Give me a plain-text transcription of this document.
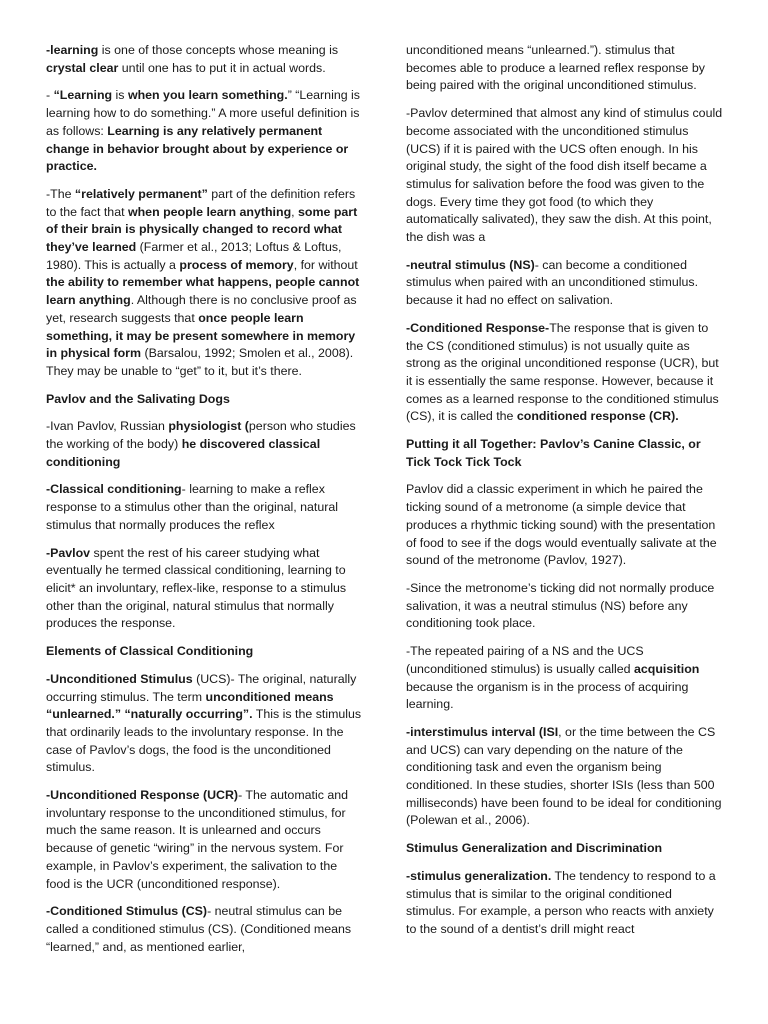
-learning is one of those concepts whose meaning is crystal clear until one has to put it in actual words.

- “Learning is when you learn something.” “Learning is learning how to do something.” A more useful definition is as follows: Learning is any relatively permanent change in behavior brought about by experience or practice.

-The “relatively permanent” part of the definition refers to the fact that when people learn anything, some part of their brain is physically changed to record what they’ve learned (Farmer et al., 2013; Loftus & Loftus, 1980). This is actually a process of memory, for without the ability to remember what happens, people cannot learn anything. Although there is no conclusive proof as yet, research suggests that once people learn something, it may be present somewhere in memory in physical form (Barsalou, 1992; Smolen et al., 2008). They may be unable to “get” to it, but it’s there.

Pavlov and the Salivating Dogs

-Ivan Pavlov, Russian physiologist (person who studies the working of the body) he discovered classical conditioning

-Classical conditioning- learning to make a reflex response to a stimulus other than the original, natural stimulus that normally produces the reflex

-Pavlov spent the rest of his career studying what eventually he termed classical conditioning, learning to elicit* an involuntary, reflex-like, response to a stimulus other than the original, natural stimulus that normally produces the response.

Elements of Classical Conditioning

-Unconditioned Stimulus (UCS)- The original, naturally occurring stimulus. The term unconditioned means “unlearned.” “naturally occurring”. This is the stimulus that ordinarily leads to the involuntary response. In the case of Pavlov’s dogs, the food is the unconditioned stimulus.

-Unconditioned Response (UCR)- The automatic and involuntary response to the unconditioned stimulus, for much the same reason. It is unlearned and occurs because of genetic “wiring” in the nervous system. For example, in Pavlov’s experiment, the salivation to the food is the UCR (unconditioned response).

-Conditioned Stimulus (CS)- neutral stimulus can be called a conditioned stimulus (CS). (Conditioned means “learned,” and, as mentioned earlier,

unconditioned means “unlearned.”). stimulus that becomes able to produce a learned reflex response by being paired with the original unconditioned stimulus.

-Pavlov determined that almost any kind of stimulus could become associated with the unconditioned stimulus (UCS) if it is paired with the UCS often enough. In his original study, the sight of the food dish itself became a stimulus for salivation before the food was given to the dogs. Every time they got food (to which they automatically salivated), they saw the dish. At this point, the dish was a

-neutral stimulus (NS)- can become a conditioned stimulus when paired with an unconditioned stimulus. because it had no effect on salivation.

-Conditioned Response-The response that is given to the CS (conditioned stimulus) is not usually quite as strong as the original unconditioned response (UCR), but it is essentially the same response. However, because it comes as a learned response to the conditioned stimulus (CS), it is called the conditioned response (CR).

Putting it all Together: Pavlov’s Canine Classic, or Tick Tock Tick Tock

Pavlov did a classic experiment in which he paired the ticking sound of a metronome (a simple device that produces a rhythmic ticking sound) with the presentation of food to see if the dogs would eventually salivate at the sound of the metronome (Pavlov, 1927).

-Since the metronome’s ticking did not normally produce salivation, it was a neutral stimulus (NS) before any conditioning took place.

-The repeated pairing of a NS and the UCS (unconditioned stimulus) is usually called acquisition because the organism is in the process of acquiring learning.

-interstimulus interval (ISI, or the time between the CS and UCS) can vary depending on the nature of the conditioning task and even the organism being conditioned. In these studies, shorter ISIs (less than 500 milliseconds) have been found to be ideal for conditioning (Polewan et al., 2006).

Stimulus Generalization and Discrimination

-stimulus generalization. The tendency to respond to a stimulus that is similar to the original conditioned stimulus. For example, a person who reacts with anxiety to the sound of a dentist’s drill might react
